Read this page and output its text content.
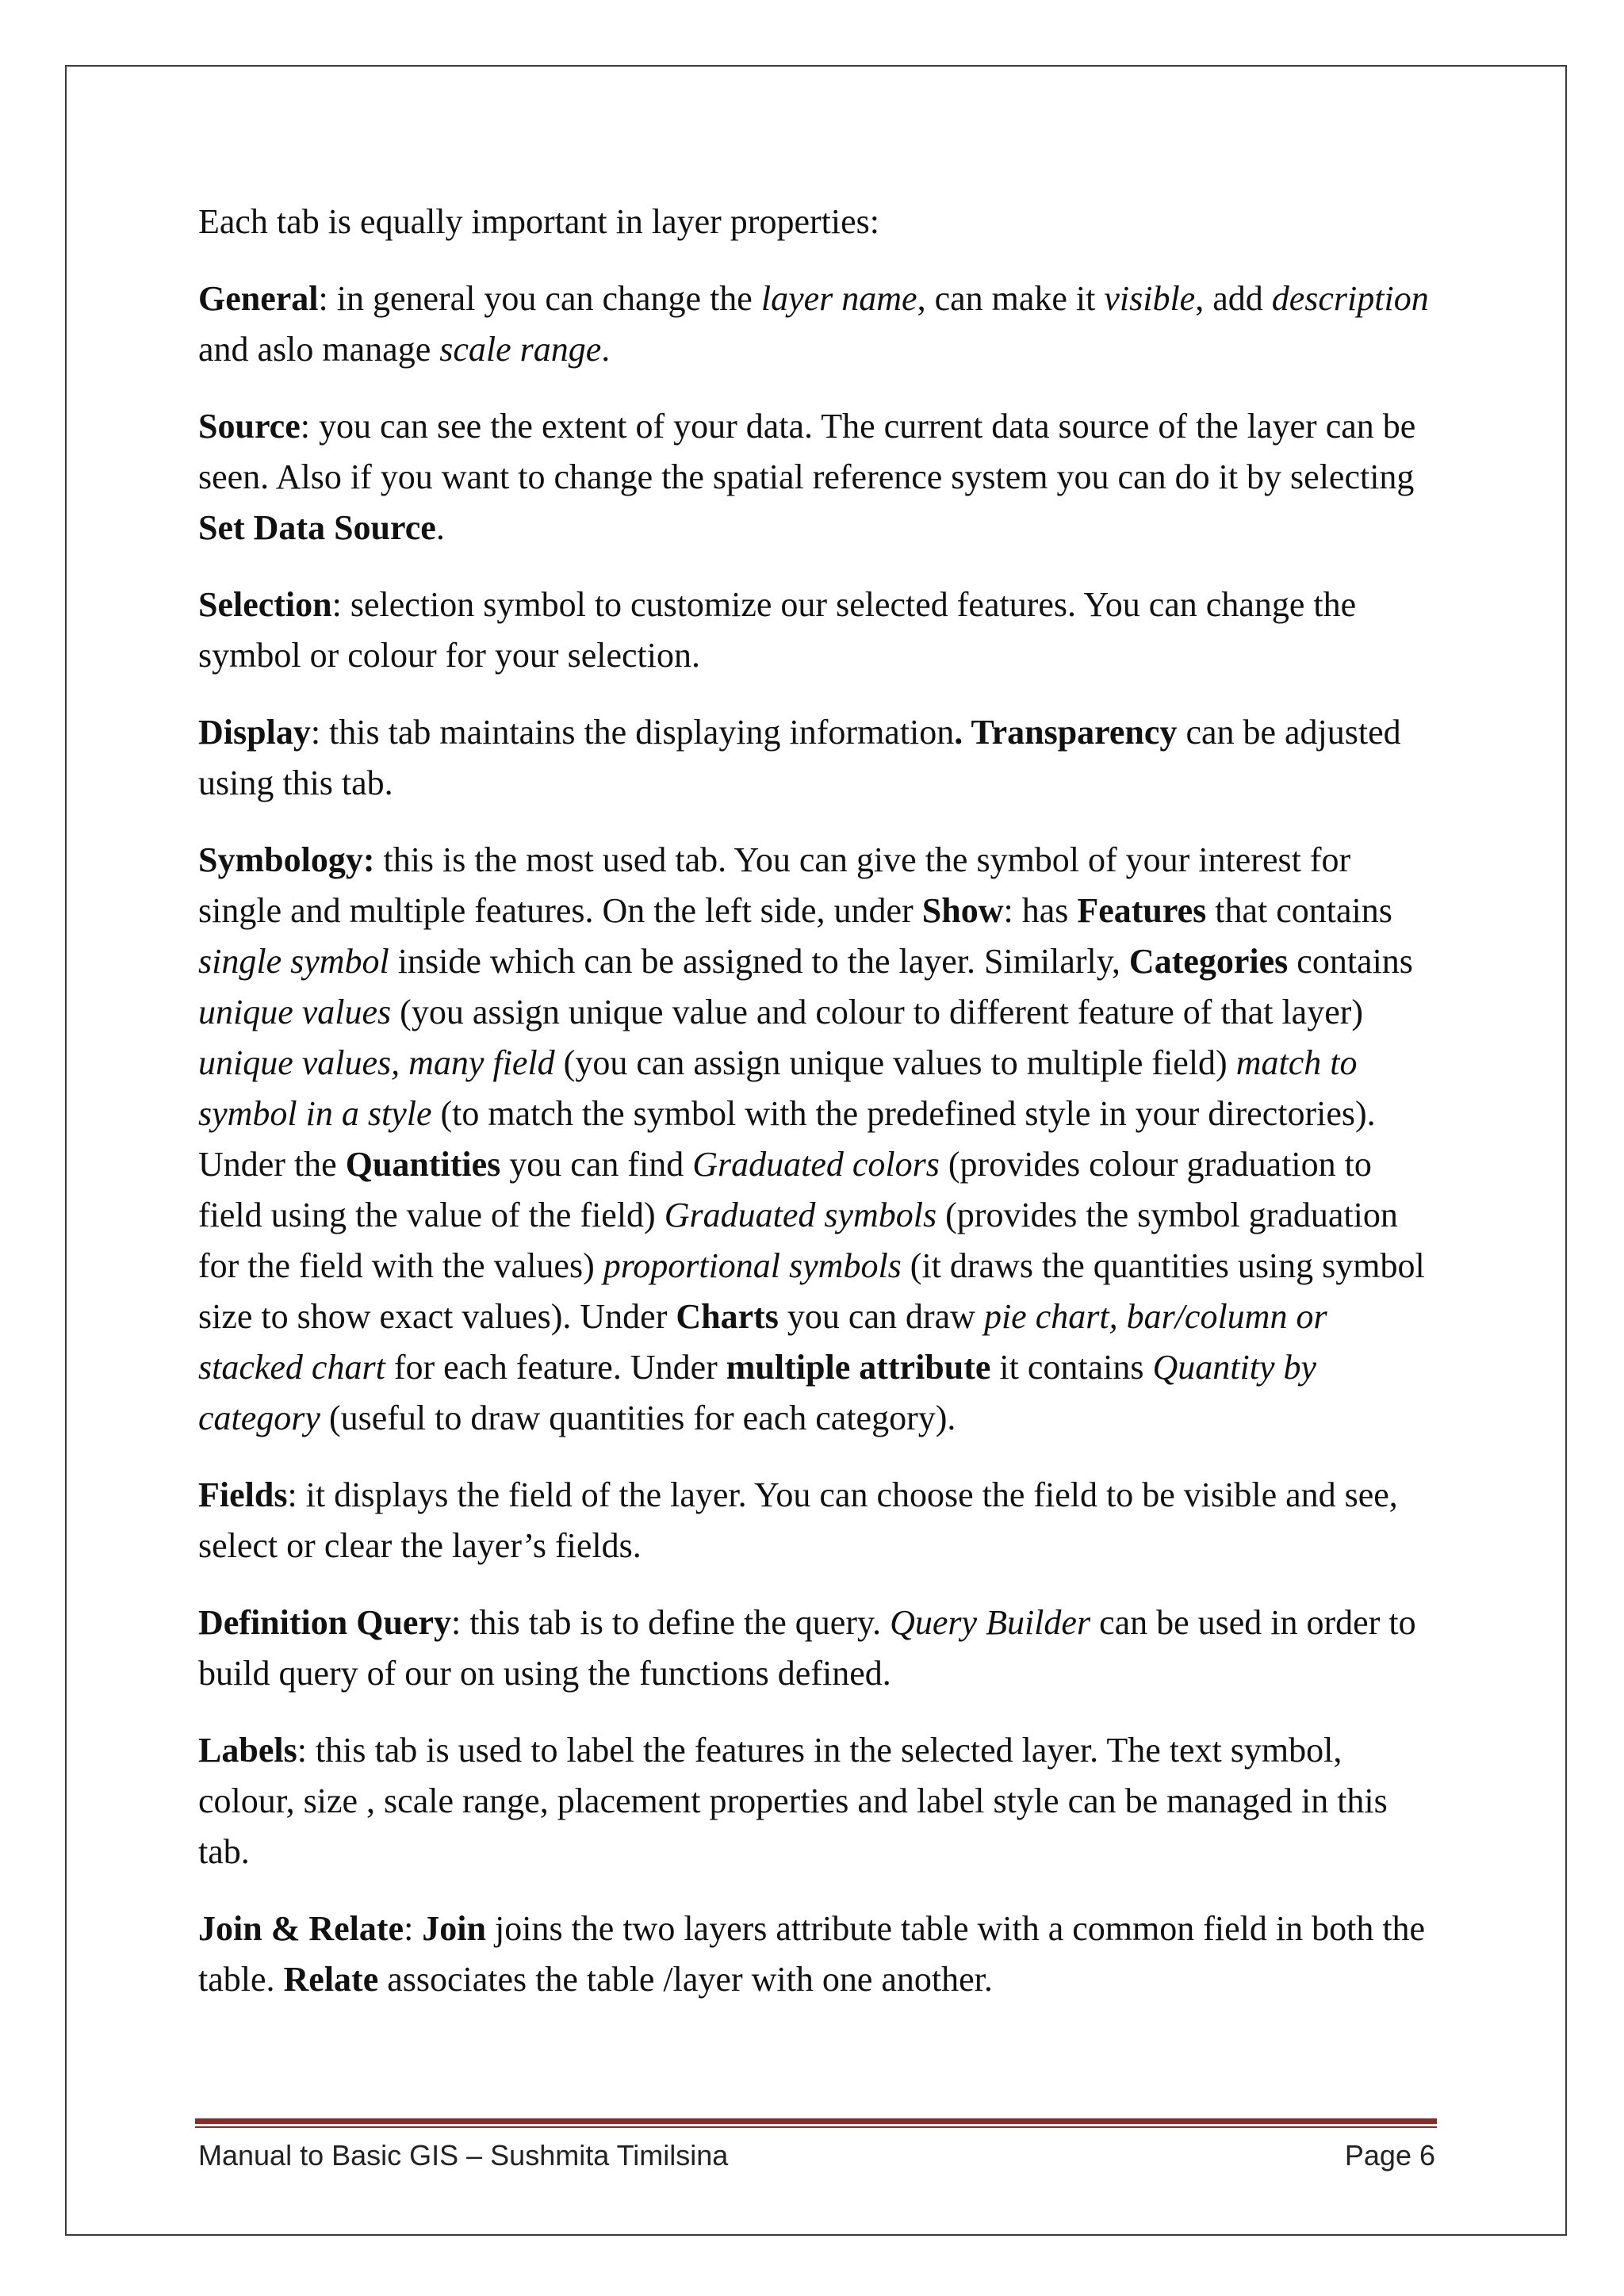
Each tab is equally important in layer properties:

General: in general you can change the layer name, can make it visible, add description and aslo manage scale range.

Source: you can see the extent of your data. The current data source of the layer can be seen. Also if you want to change the spatial reference system you can do it by selecting Set Data Source.

Selection: selection symbol to customize our selected features. You can change the symbol or colour for your selection.

Display: this tab maintains the displaying information. Transparency can be adjusted using this tab.

Symbology: this is the most used tab. You can give the symbol of your interest for single and multiple features. On the left side, under Show: has Features that contains single symbol inside which can be assigned to the layer. Similarly, Categories contains unique values (you assign unique value and colour to different feature of that layer) unique values, many field (you can assign unique values to multiple field) match to symbol in a style (to match the symbol with the predefined style in your directories). Under the Quantities you can find Graduated colors (provides colour graduation to field using the value of the field) Graduated symbols (provides the symbol graduation for the field with the values) proportional symbols (it draws the quantities using symbol size to show exact values). Under Charts you can draw pie chart, bar/column or stacked chart for each feature. Under multiple attribute it contains Quantity by category (useful to draw quantities for each category).

Fields: it displays the field of the layer. You can choose the field to be visible and see, select or clear the layer’s fields.

Definition Query: this tab is to define the query. Query Builder can be used in order to build query of our on using the functions defined.

Labels: this tab is used to label the features in the selected layer. The text symbol, colour, size , scale range, placement properties and label style can be managed in this tab.

Join & Relate: Join joins the two layers attribute table with a common field in both the table. Relate associates the table /layer with one another.

Manual to Basic GIS – Sushmita Timilsina	Page 6
